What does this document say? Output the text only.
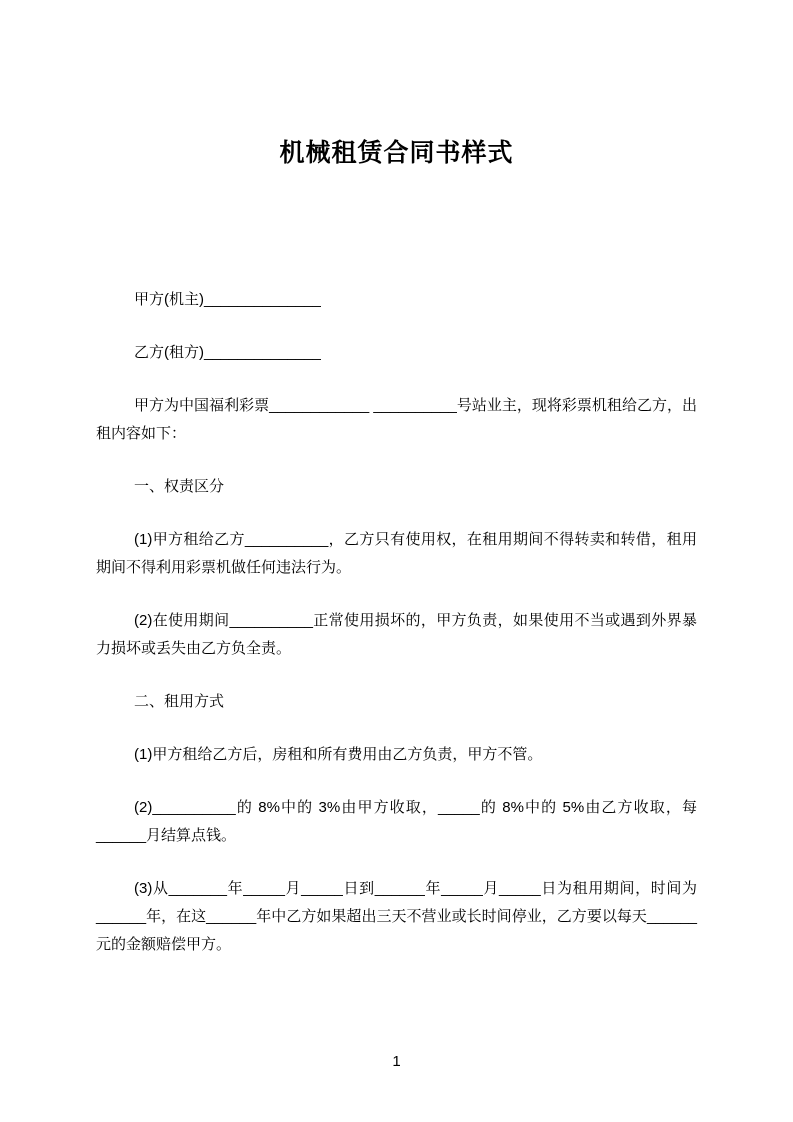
机械租赁合同书样式

甲方(机主)______________

乙方(租方)______________

甲方为中国福利彩票____________ __________号站业主，现将彩票机租给乙方，出租内容如下：

一、权责区分

(1)甲方租给乙方__________，乙方只有使用权，在租用期间不得转卖和转借，租用期间不得利用彩票机做任何违法行为。

(2)在使用期间__________正常使用损坏的，甲方负责，如果使用不当或遇到外界暴力损坏或丢失由乙方负全责。

二、租用方式

(1)甲方租给乙方后，房租和所有费用由乙方负责，甲方不管。

(2)__________的 8%中的 3%由甲方收取，_____的 8%中的 5%由乙方收取，每______月结算点钱。

(3)从_______年_____月_____日到______年_____月_____日为租用期间，时间为______年，在这______年中乙方如果超出三天不营业或长时间停业，乙方要以每天______元的金额赔偿甲方。

1
